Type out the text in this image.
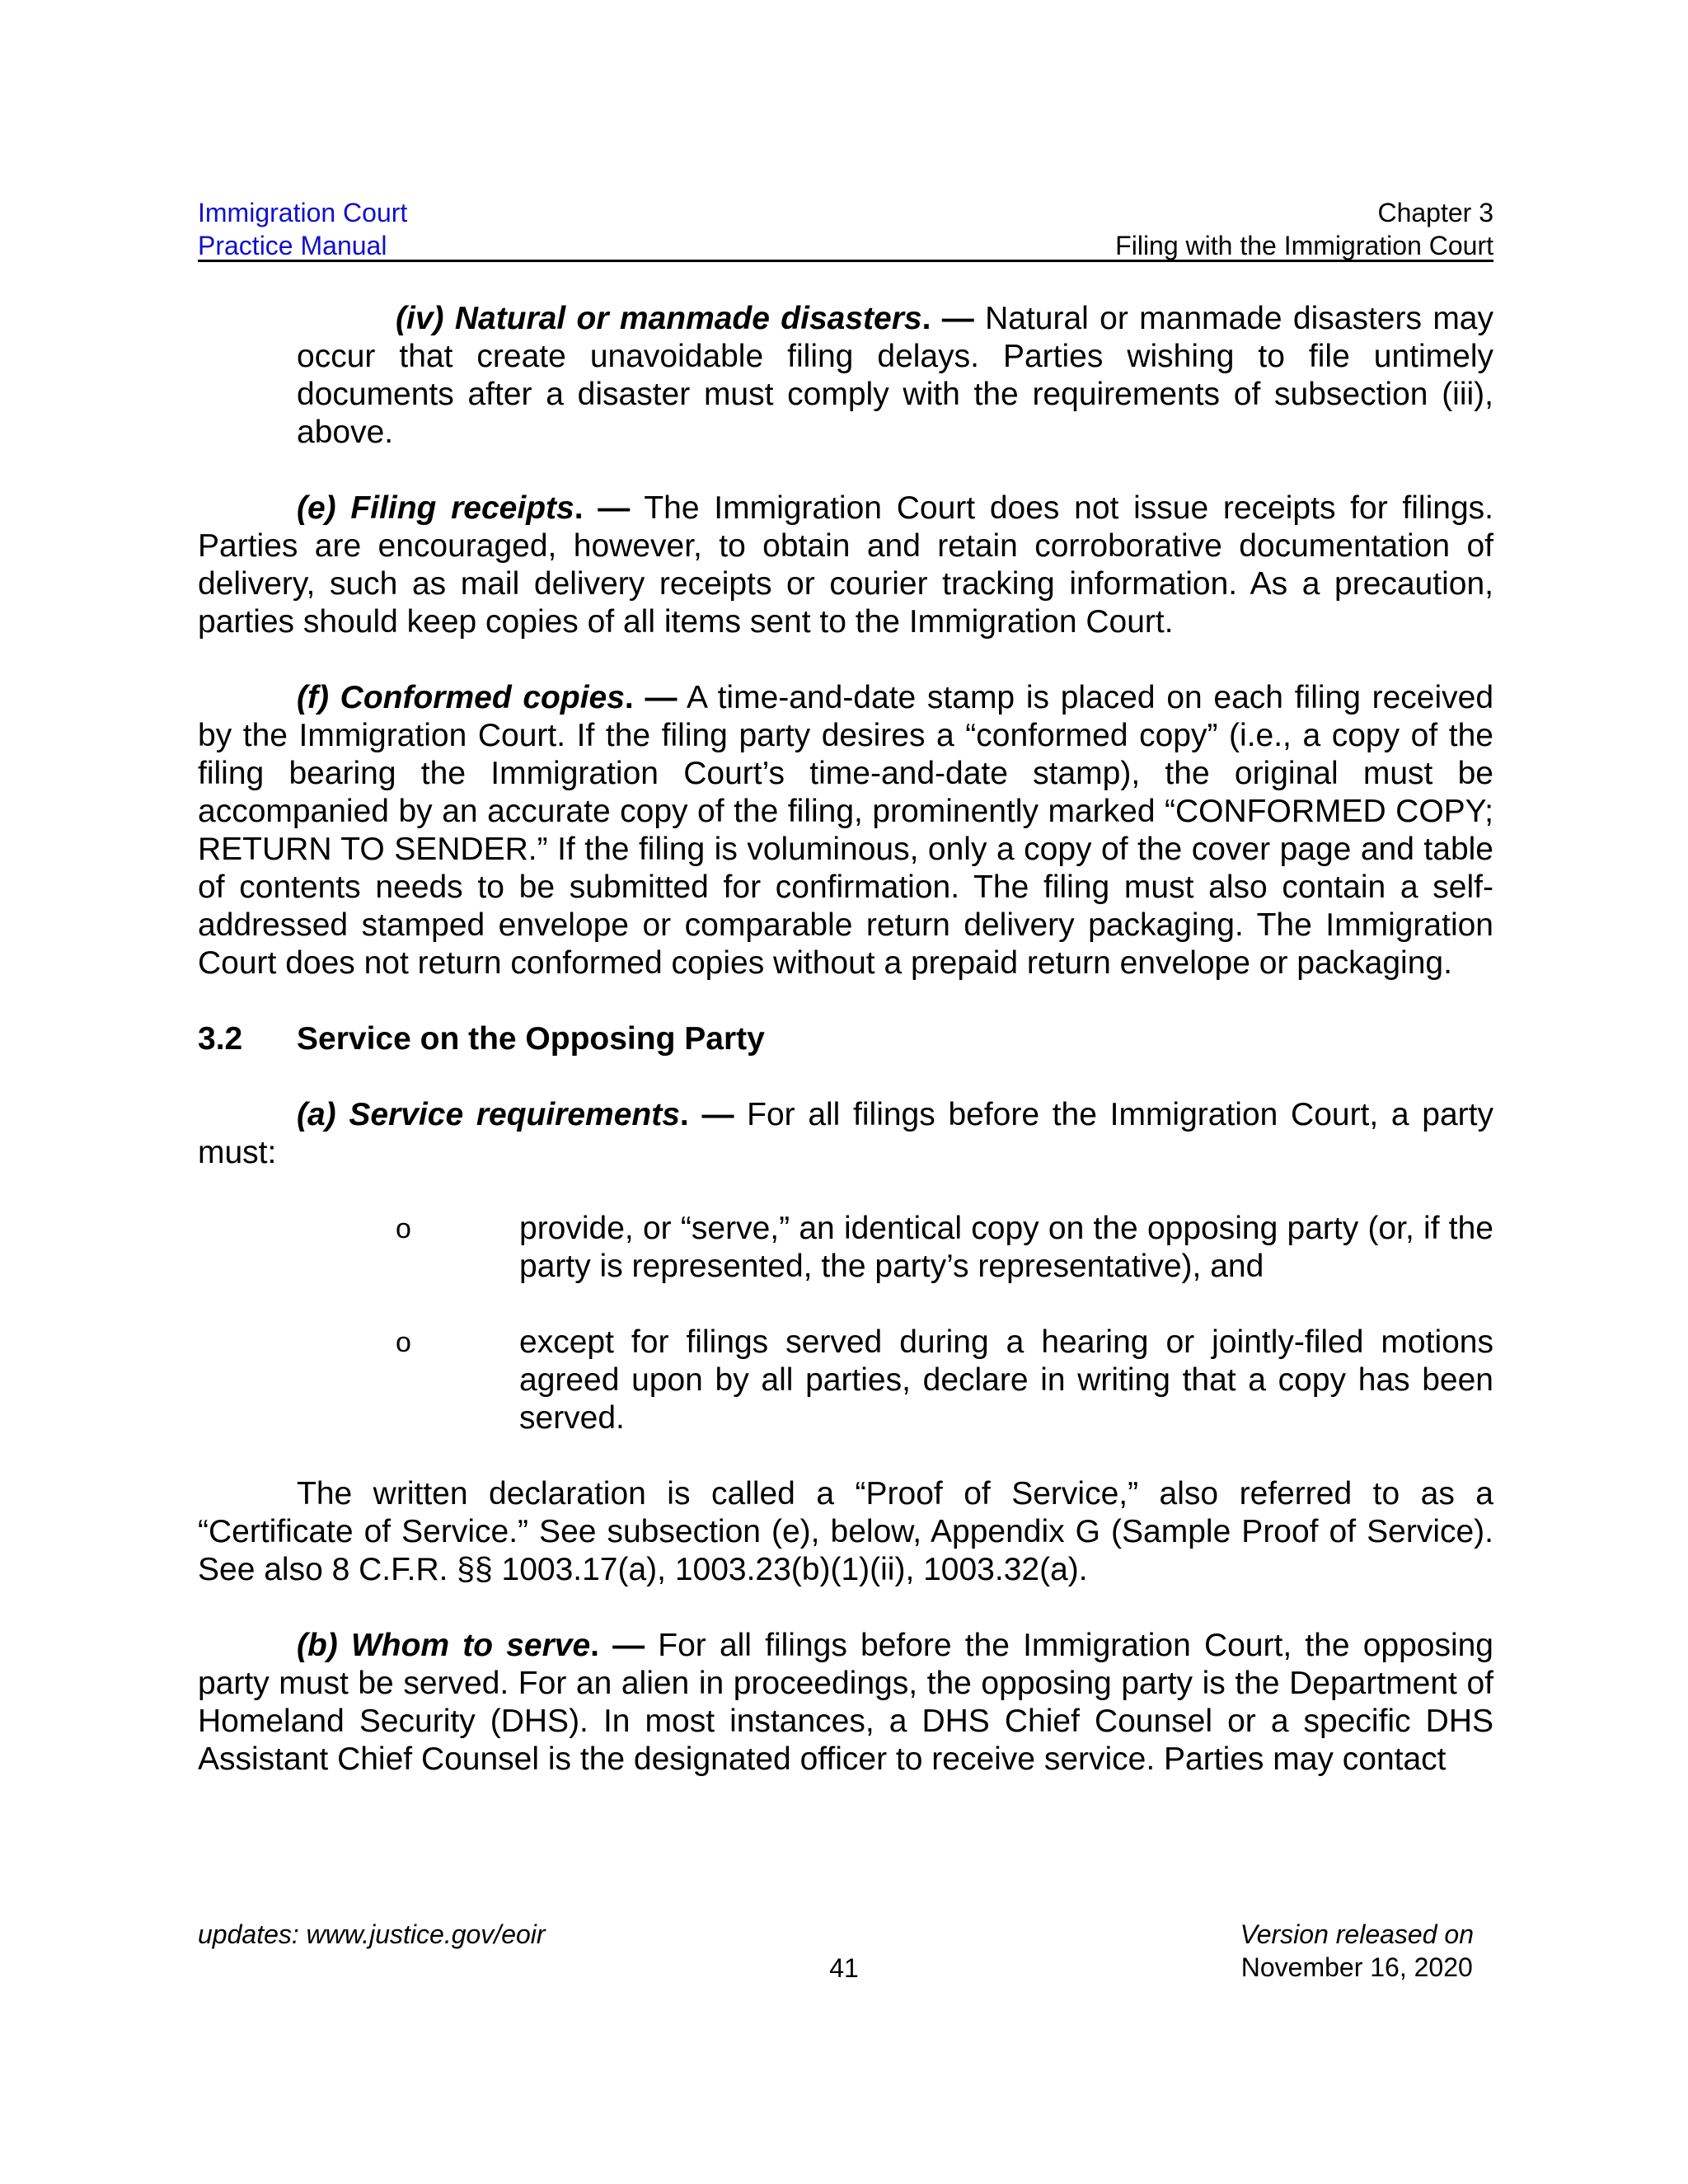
Immigration Court
Practice Manual
Chapter 3
Filing with the Immigration Court

(iv) Natural or manmade disasters. — Natural or manmade disasters may occur that create unavoidable filing delays. Parties wishing to file untimely documents after a disaster must comply with the requirements of subsection (iii), above.

(e) Filing receipts. — The Immigration Court does not issue receipts for filings. Parties are encouraged, however, to obtain and retain corroborative documentation of delivery, such as mail delivery receipts or courier tracking information. As a precaution, parties should keep copies of all items sent to the Immigration Court.

(f) Conformed copies. — A time-and-date stamp is placed on each filing received by the Immigration Court. If the filing party desires a “conformed copy” (i.e., a copy of the filing bearing the Immigration Court’s time-and-date stamp), the original must be accompanied by an accurate copy of the filing, prominently marked “CONFORMED COPY; RETURN TO SENDER.” If the filing is voluminous, only a copy of the cover page and table of contents needs to be submitted for confirmation. The filing must also contain a self-addressed stamped envelope or comparable return delivery packaging. The Immigration Court does not return conformed copies without a prepaid return envelope or packaging.

3.2	Service on the Opposing Party

(a) Service requirements. — For all filings before the Immigration Court, a party must:

o	provide, or “serve,” an identical copy on the opposing party (or, if the party is represented, the party’s representative), and
o	except for filings served during a hearing or jointly-filed motions agreed upon by all parties, declare in writing that a copy has been served.

The written declaration is called a “Proof of Service,” also referred to as a “Certificate of Service.” See subsection (e), below, Appendix G (Sample Proof of Service). See also 8 C.F.R. §§ 1003.17(a), 1003.23(b)(1)(ii), 1003.32(a).

(b) Whom to serve. — For all filings before the Immigration Court, the opposing party must be served. For an alien in proceedings, the opposing party is the Department of Homeland Security (DHS). In most instances, a DHS Chief Counsel or a specific DHS Assistant Chief Counsel is the designated officer to receive service. Parties may contact

updates: www.justice.gov/eoir
41
Version released on
November 16, 2020
